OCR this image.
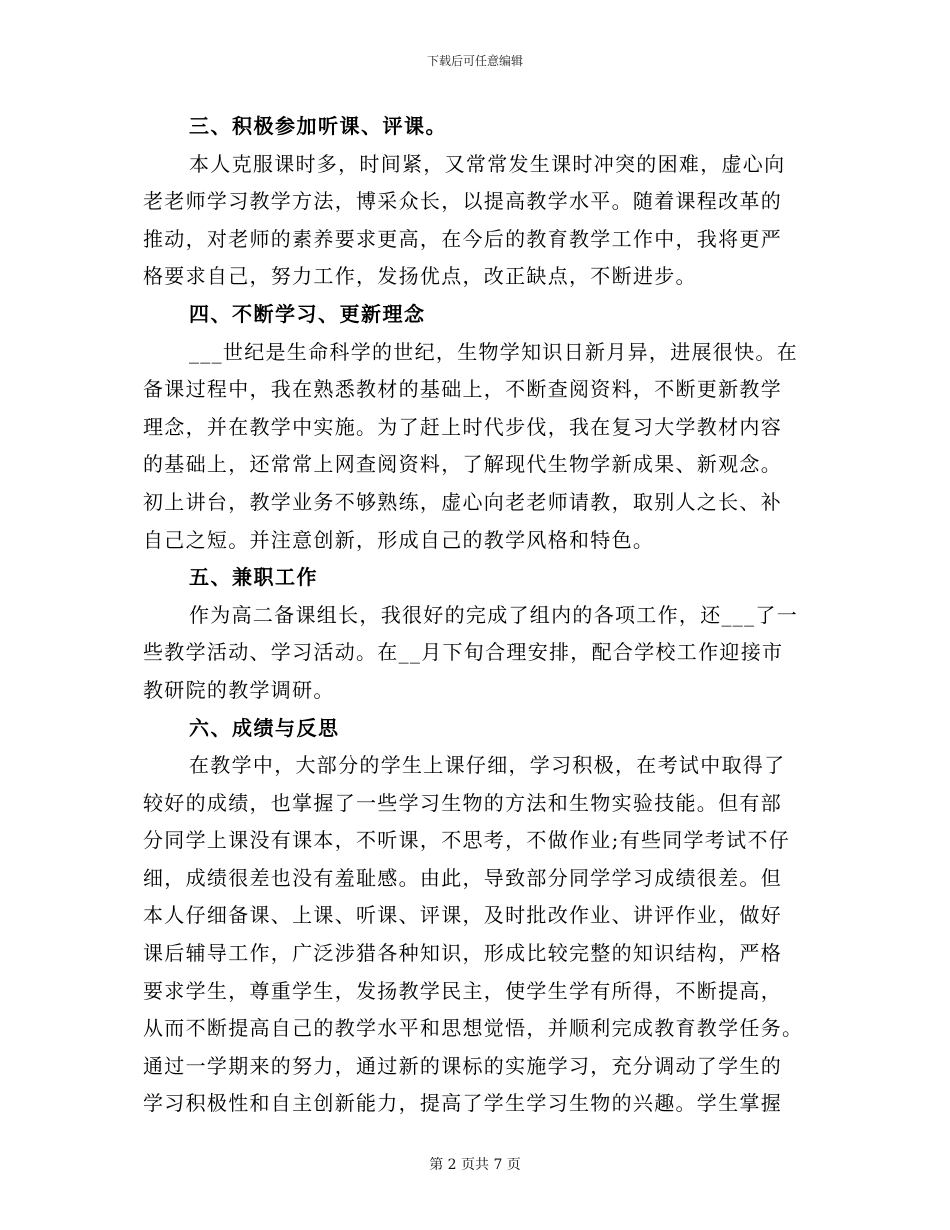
下载后可任意编辑
三、积极参加听课、评课。
本人克服课时多，时间紧，又常常发生课时冲突的困难，虚心向
老老师学习教学方法，博采众长，以提高教学水平。随着课程改革的
推动，对老师的素养要求更高，在今后的教育教学工作中，我将更严
格要求自己，努力工作，发扬优点，改正缺点，不断进步。
四、不断学习、更新理念
___世纪是生命科学的世纪，生物学知识日新月异，进展很快。在
备课过程中，我在熟悉教材的基础上，不断查阅资料，不断更新教学
理念，并在教学中实施。为了赶上时代步伐，我在复习大学教材内容
的基础上，还常常上网查阅资料，了解现代生物学新成果、新观念。
初上讲台，教学业务不够熟练，虚心向老老师请教，取别人之长、补
自己之短。并注意创新，形成自己的教学风格和特色。
五、兼职工作
作为高二备课组长，我很好的完成了组内的各项工作，还___了一
些教学活动、学习活动。在__月下旬合理安排，配合学校工作迎接市
教研院的教学调研。
六、成绩与反思
在教学中，大部分的学生上课仔细，学习积极，在考试中取得了
较好的成绩，也掌握了一些学习生物的方法和生物实验技能。但有部
分同学上课没有课本，不听课，不思考，不做作业;有些同学考试不仔
细，成绩很差也没有羞耻感。由此，导致部分同学学习成绩很差。但
本人仔细备课、上课、听课、评课，及时批改作业、讲评作业，做好
课后辅导工作，广泛涉猎各种知识，形成比较完整的知识结构，严格
要求学生，尊重学生，发扬教学民主，使学生学有所得，不断提高，
从而不断提高自己的教学水平和思想觉悟，并顺利完成教育教学任务。
通过一学期来的努力，通过新的课标的实施学习，充分调动了学生的
学习积极性和自主创新能力，提高了学生学习生物的兴趣。学生掌握
第 2 页共 7 页
